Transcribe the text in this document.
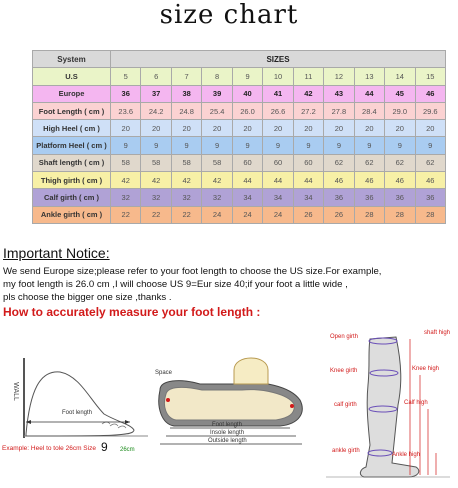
size chart
System	SIZES										
U.S	5	6	7	8	9	10	11	12	13	14	15
Europe	36	37	38	39	40	41	42	43	44	45	46
Foot Length ( cm )	23.6	24.2	24.8	25.4	26.0	26.6	27.2	27.8	28.4	29.0	29.6
High Heel ( cm )	20	20	20	20	20	20	20	20	20	20	20
Platform Heel ( cm )	9	9	9	9	9	9	9	9	9	9	9
Shaft length ( cm )	58	58	58	58	60	60	60	62	62	62	62
Thigh girth ( cm )	42	42	42	42	44	44	44	46	46	46	46
Calf girth ( cm )	32	32	32	32	34	34	34	36	36	36	36
Ankle girth ( cm )	22	22	22	24	24	24	26	26	28	28	28
Important Notice:
We send Europe size;please refer to your foot length to choose the US size.For example,
my foot length is 26.0 cm ,I will choose US 9=Eur size 40;if your foot a little wide ,
pls choose the bigger one size ,thanks .
How to accurately measure your foot length :
WALL
Foot length
Example: Heel to tole 26cm Size 9 26cm
Space
Foot length
Insole length
Outside length
Open girth
shaft high
Knee girth	Knee high
calf girth	Calf high
ankle girth
Ankle high
